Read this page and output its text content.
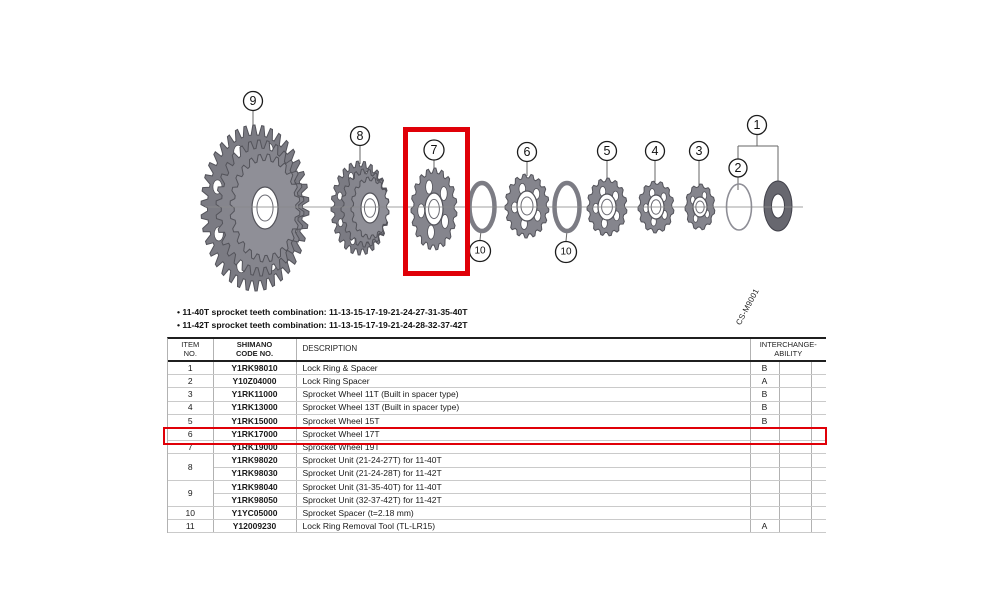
9
8
7
10
6
10
5	4	3
2
1
CS-M9001
• 11-40T sprocket teeth combination: 11-13-15-17-19-21-24-27-31-35-40T
• 11-42T sprocket teeth combination: 11-13-15-17-19-21-24-28-32-37-42T
ITEM
NO.

SHIMANO
CODE NO.	DESCRIPTION	INTERCHANGE-
ABILITY

1	Y1RK98010	Lock Ring & Spacer	B		
2	Y10Z04000	Lock Ring Spacer	A		
3	Y1RK11000	Sprocket Wheel 11T (Built in spacer type)	B		
4	Y1RK13000	Sprocket Wheel 13T (Built in spacer type)	B		
5	Y1RK15000	Sprocket Wheel 15T	B		
6	Y1RK17000	Sprocket Wheel 17T			
7	Y1RK19000	Sprocket Wheel 19T			
8	Y1RK98020	Sprocket Unit (21-24-27T) for 11-40T			
	Y1RK98030	Sprocket Unit (21-24-28T) for 11-42T			
9	Y1RK98040	Sprocket Unit (31-35-40T) for 11-40T			
	Y1RK98050	Sprocket Unit (32-37-42T) for 11-42T			
10	Y1YC05000	Sprocket Spacer (t=2.18 mm)			
11	Y12009230	Lock Ring Removal Tool (TL-LR15)	A		
